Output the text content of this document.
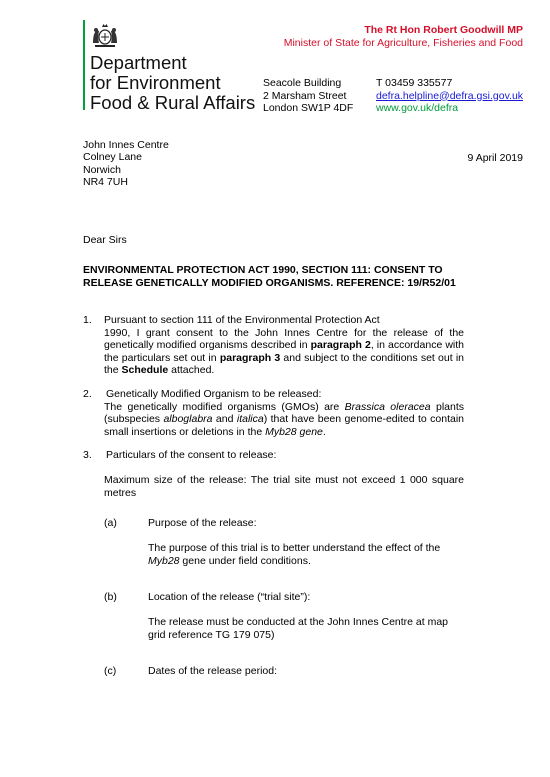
The Rt Hon Robert Goodwill MP
Minister of State for Agriculture, Fisheries and Food
Department
for Environment
Food & Rural Affairs
Seacole Building
2 Marsham Street
London SW1P 4DF
T 03459 335577
defra.helpline@defra.gsi.gov.uk
www.gov.uk/defra
John Innes Centre
Colney Lane
Norwich
NR4 7UH
9 April 2019
Dear Sirs
ENVIRONMENTAL PROTECTION ACT 1990, SECTION 111: CONSENT TO RELEASE GENETICALLY MODIFIED ORGANISMS. REFERENCE: 19/R52/01
1. Pursuant to section 111 of the Environmental Protection Act
1990, I grant consent to the John Innes Centre for the release of the genetically modified organisms described in paragraph 2, in accordance with the particulars set out in paragraph 3 and subject to the conditions set out in the Schedule attached.
2. Genetically Modified Organism to be released:
The genetically modified organisms (GMOs) are Brassica oleracea plants (subspecies alboglabra and italica) that have been genome-edited to contain small insertions or deletions in the Myb28 gene.
3. Particulars of the consent to release:
Maximum size of the release: The trial site must not exceed 1 000 square metres
(a)	Purpose of the release:
The purpose of this trial is to better understand the effect of the Myb28 gene under field conditions.
(b)	Location of the release (“trial site”):
The release must be conducted at the John Innes Centre at map grid reference TG 179 075)
(c)	Dates of the release period:
